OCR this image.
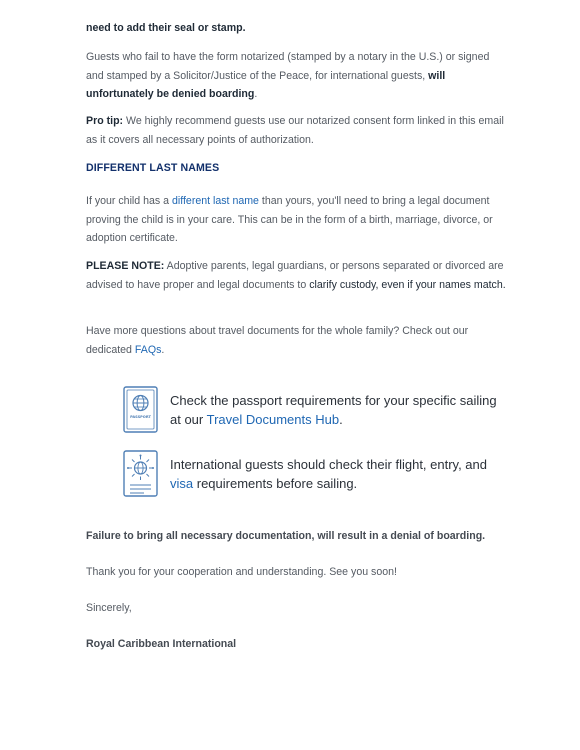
need to add their seal or stamp.

Guests who fail to have the form notarized (stamped by a notary in the U.S.) or signed and stamped by a Solicitor/Justice of the Peace, for international guests, will unfortunately be denied boarding.

Pro tip: We highly recommend guests use our notarized consent form linked in this email as it covers all necessary points of authorization.

DIFFERENT LAST NAMES

If your child has a different last name than yours, you'll need to bring a legal document proving the child is in your care. This can be in the form of a birth, marriage, divorce, or adoption certificate.

PLEASE NOTE: Adoptive parents, legal guardians, or persons separated or divorced are advised to have proper and legal documents to clarify custody, even if your names match.

Have more questions about travel documents for the whole family? Check out our dedicated FAQs.

PASSPORT
Check the passport requirements for your specific sailing at our Travel Documents Hub.
International guests should check their flight, entry, and visa requirements before sailing.

Failure to bring all necessary documentation, will result in a denial of boarding.

Thank you for your cooperation and understanding. See you soon!

Sincerely,

Royal Caribbean International
